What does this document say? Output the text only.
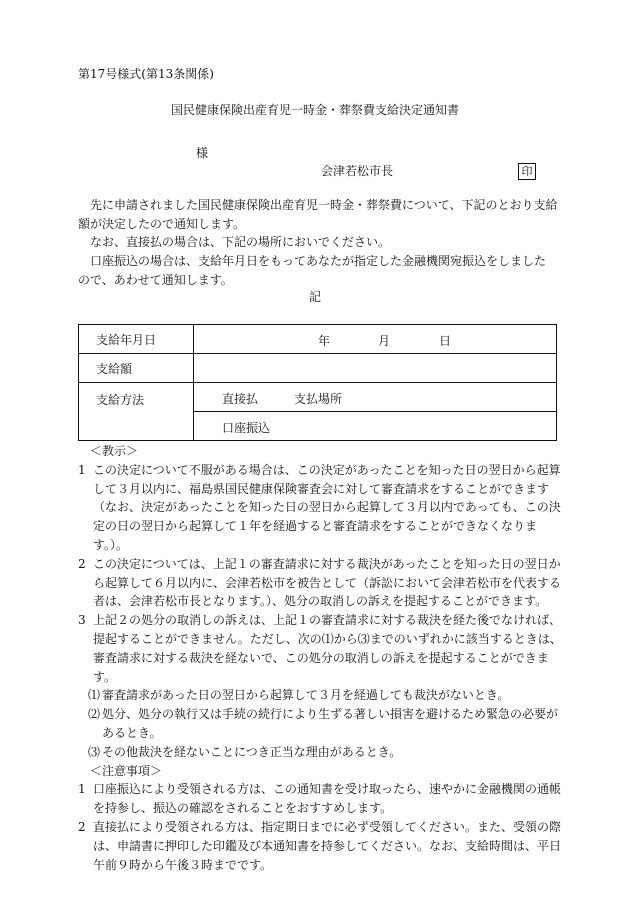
第17号様式(第13条関係)
国民健康保険出産育児一時金・葬祭費支給決定通知書
様
会津若松市長	印
　先に申請されました国民健康保険出産育児一時金・葬祭費について、下記のとおり支給額が決定したので通知します。
　なお、直接払の場合は、下記の場所においでください。
　口座振込の場合は、支給年月日をもってあなたが指定した金融機関宛振込をしましたので、あわせて通知します。
記
支給年月日	年 月 日

支給額	
支給方法	直接払 支払場所

	口座振込
＜教示＞
1 この決定について不服がある場合は、この決定があったことを知った日の翌日から起算して３月以内に、福島県国民健康保険審査会に対して審査請求をすることができます（なお、決定があったことを知った日の翌日から起算して３月以内であっても、この決定の日の翌日から起算して１年を経過すると審査請求をすることができなくなります。）。
2 この決定については、上記１の審査請求に対する裁決があったことを知った日の翌日から起算して６月以内に、会津若松市を被告として（訴訟において会津若松市を代表する者は、会津若松市長となります。）、処分の取消しの訴えを提起することができます。
3 上記２の処分の取消しの訴えは、上記１の審査請求に対する裁決を経た後でなければ、提起することができません。ただし、次の⑴から⑶までのいずれかに該当するときは、審査請求に対する裁決を経ないで、この処分の取消しの訴えを提起することができます。
⑴ 審査請求があった日の翌日から起算して３月を経過しても裁決がないとき。
⑵ 処分、処分の執行又は手続の続行により生ずる著しい損害を避けるため緊急の必要があるとき。
⑶ その他裁決を経ないことにつき正当な理由があるとき。
＜注意事項＞
1 口座振込により受領される方は、この通知書を受け取ったら、速やかに金融機関の通帳を持参し、振込の確認をされることをおすすめします。
2 直接払により受領される方は、指定期日までに必ず受領してください。また、受領の際は、申請書に押印した印鑑及び本通知書を持参してください。なお、支給時間は、平日午前９時から午後３時までです。
